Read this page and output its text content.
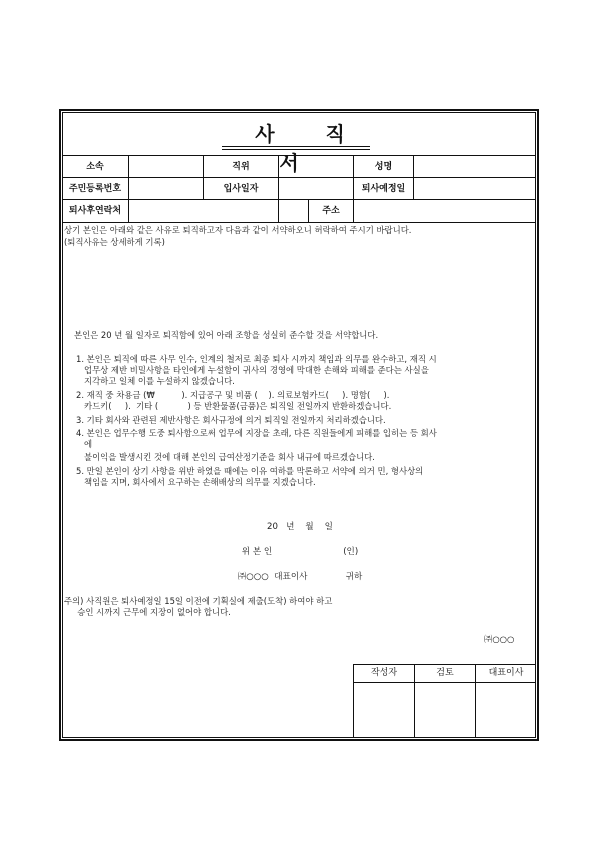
사 직 서
소속	직위	성명
주민등록번호	입사일자	퇴사예정일
퇴사후연락처	주소
상기 본인은 아래와 같은 사유로 퇴직하고자 다음과 같이 서약하오니 허락하여 주시기 바랍니다.
(퇴직사유는 상세하게 기록)
본인은 20 년 월 일자로 퇴직함에 있어 아래 조항을 성실히 준수할 것을 서약합니다.
1. 본인은 퇴직에 따른 사무 인수, 인계의 철저로 최종 퇴사 시까지 책임과 의무를 완수하고, 재직 시
업무상 제반 비밀사항을 타인에게 누설함이 귀사의 경영에 막대한 손해와 피해를 준다는 사실을
지각하고 일체 이를 누설하지 않겠습니다.
2. 재직 중 차용금 (₩          ). 지급공구 및 비품 (    ). 의료보험카드(     ). 명함(     ).
카드키(     ).  기타 (           ) 등 반환물품(금품)은 퇴직일 전일까지 반환하겠습니다.
3. 기타 회사와 관련된 제반사항은 회사규정에 의거 퇴직일 전일까지 처리하겠습니다.
4. 본인은 업무수행 도중 퇴사함으로써 업무에 지장을 초래, 다른 직원들에게 피해를 입히는 등 회사
에
불이익을 발생시킨 것에 대해 본인의 급여산정기준을 회사 내규에 따르겠습니다.
5. 만일 본인이 상기 사항을 위반 하였을 때에는 이유 여하를 막론하고 서약에 의거 민, 형사상의
책임을 지며, 회사에서 요구하는 손해배상의 의무를 지겠습니다.
20   년    월    일
위 본 인                          (인)
㈜○○○  대표이사              귀하
주의) 사직원은 퇴사예정일 15일 이전에 기획실에 제출(도착) 하여야 하고
승인 시까지 근무에 지장이 없어야 합니다.
㈜○○○
작성자	검토	대표이사
